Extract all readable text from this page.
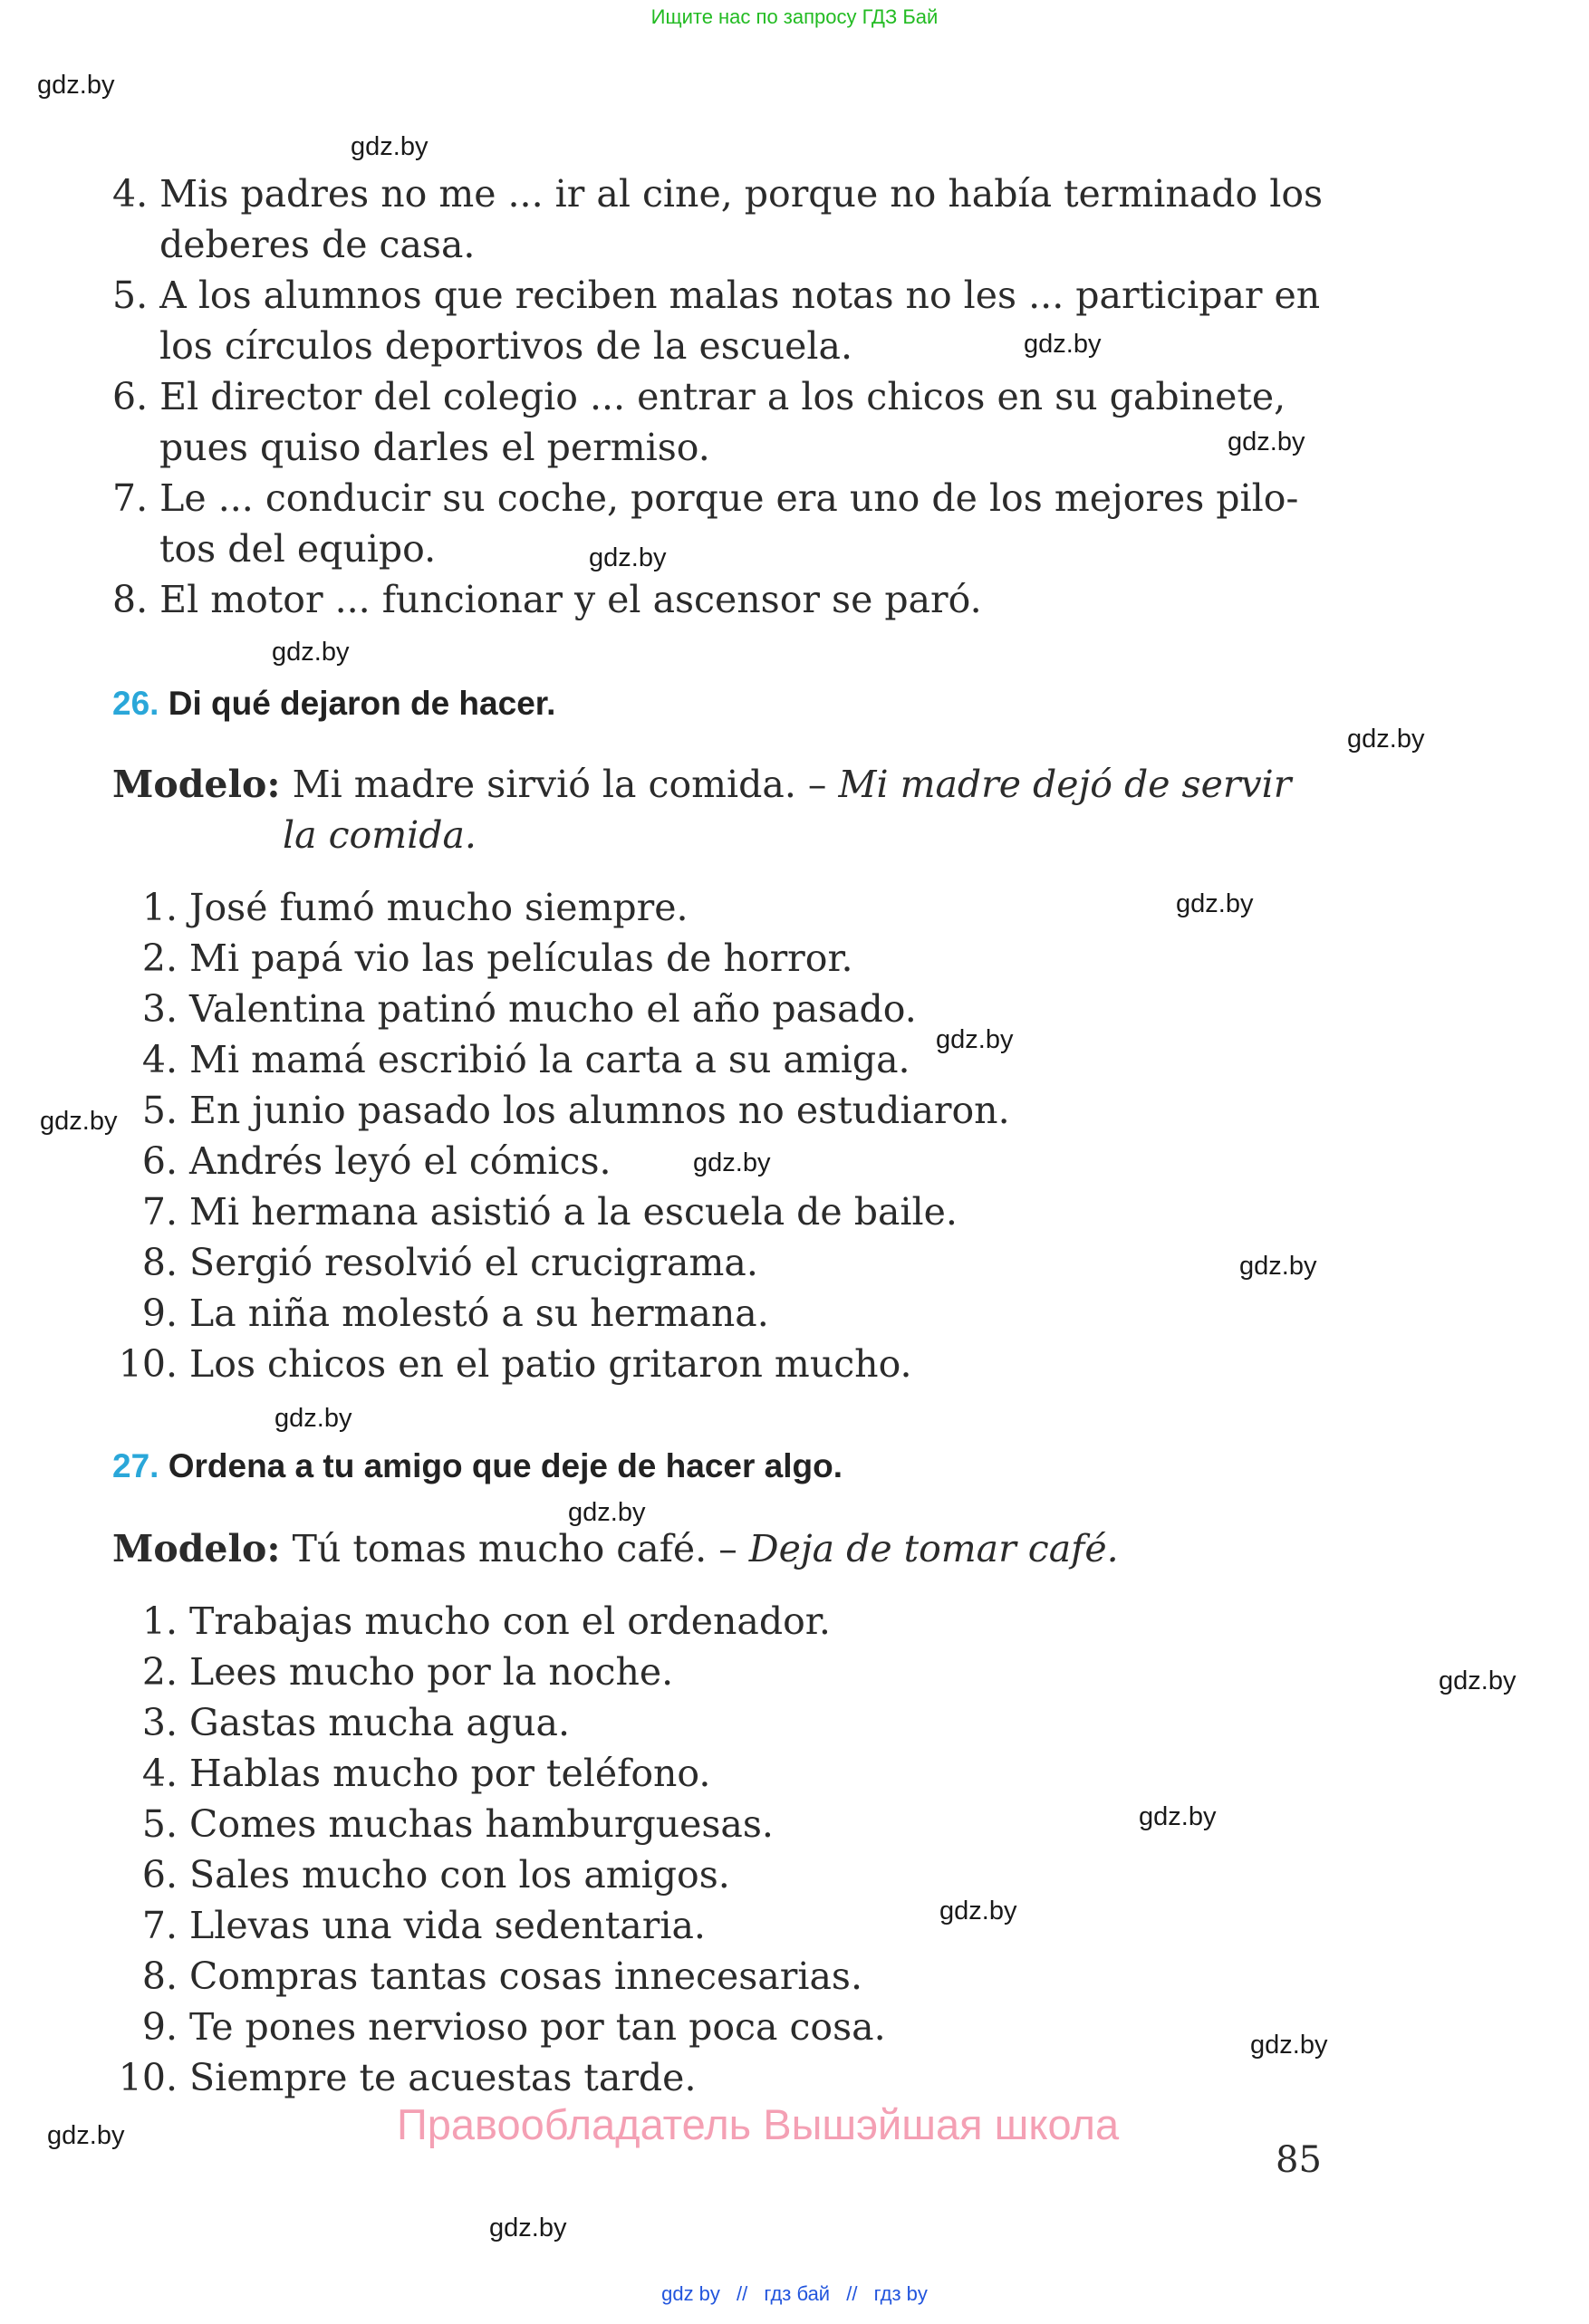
Ищите нас по запросу ГДЗ Бай
gdz.by
gdz.by
gdz.by
gdz.by
gdz.by
gdz.by
gdz.by
gdz.by
gdz.by
gdz.by
gdz.by
gdz.by
gdz.by
gdz.by
gdz.by
gdz.by
gdz.by
gdz.by
gdz.by
gdz.by
4. Mis padres no me ... ir al cine, porque no había terminado los
deberes de casa.
5. A los alumnos que reciben malas notas no les ... participar en
los círculos deportivos de la escuela.
6. El director del colegio ... entrar a los chicos en su gabinete,
pues quiso darles el permiso.
7. Le ... conducir su coche, porque era uno de los mejores pilo-
tos del equipo.
8. El motor ... funcionar y el ascensor se paró.
26. Di qué dejaron de hacer.
Modelo: Mi madre sirvió la comida. – Mi madre dejó de servir
la comida.
1. José fumó mucho siempre.
2. Mi papá vio las películas de horror.
3. Valentina patinó mucho el año pasado.
4. Mi mamá escribió la carta a su amiga.
5. En junio pasado los alumnos no estudiaron.
6. Andrés leyó el cómics.
7. Mi hermana asistió a la escuela de baile.
8. Sergió resolvió el crucigrama.
9. La niña molestó a su hermana.
10. Los chicos en el patio gritaron mucho.
27. Ordena a tu amigo que deje de hacer algo.
Modelo: Tú tomas mucho café. – Deja de tomar café.
1. Trabajas mucho con el ordenador.
2. Lees mucho por la noche.
3. Gastas mucha agua.
4. Hablas mucho por teléfono.
5. Comes muchas hamburguesas.
6. Sales mucho con los amigos.
7. Llevas una vida sedentaria.
8. Compras tantas cosas innecesarias.
9. Te pones nervioso por tan poca cosa.
10. Siempre te acuestas tarde.
Правообладатель Вышэйшая школа
85
gdz by // гдз бай // гдз by
